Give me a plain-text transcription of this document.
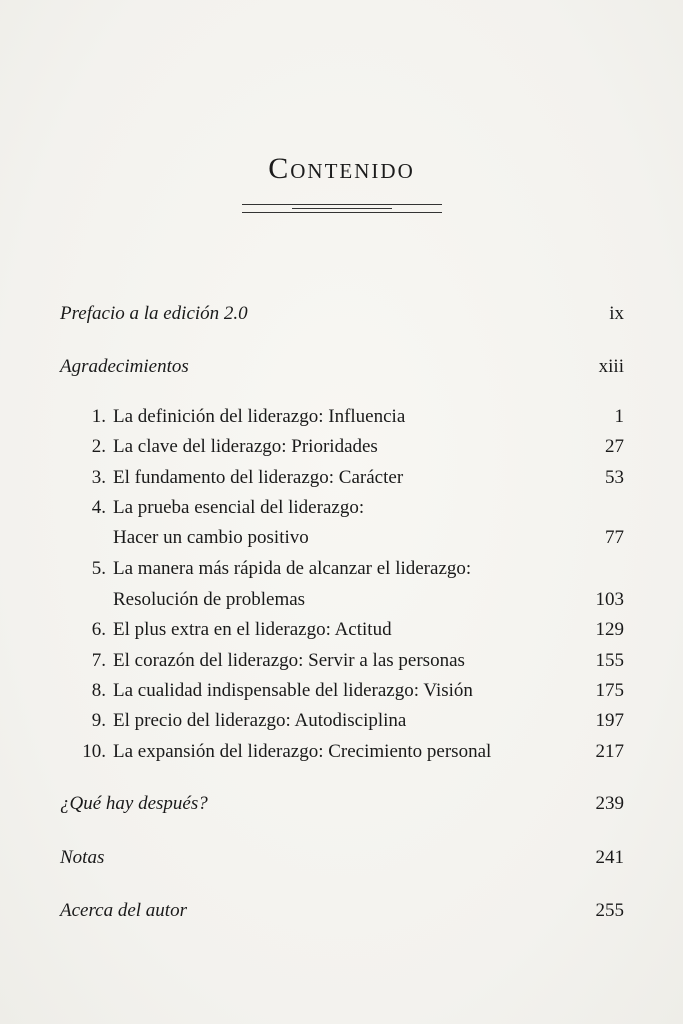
Contenido
Prefacio a la edición 2.0	ix
Agradecimientos	xiii
1. La definición del liderazgo: Influencia	1
2. La clave del liderazgo: Prioridades	27
3. El fundamento del liderazgo: Carácter	53
4. La prueba esencial del liderazgo:
Hacer un cambio positivo	77
5. La manera más rápida de alcanzar el liderazgo:
Resolución de problemas	103
6. El plus extra en el liderazgo: Actitud	129
7. El corazón del liderazgo: Servir a las personas	155
8. La cualidad indispensable del liderazgo: Visión	175
9. El precio del liderazgo: Autodisciplina	197
10. La expansión del liderazgo: Crecimiento personal	217
¿Qué hay después?	239
Notas	241
Acerca del autor	255
